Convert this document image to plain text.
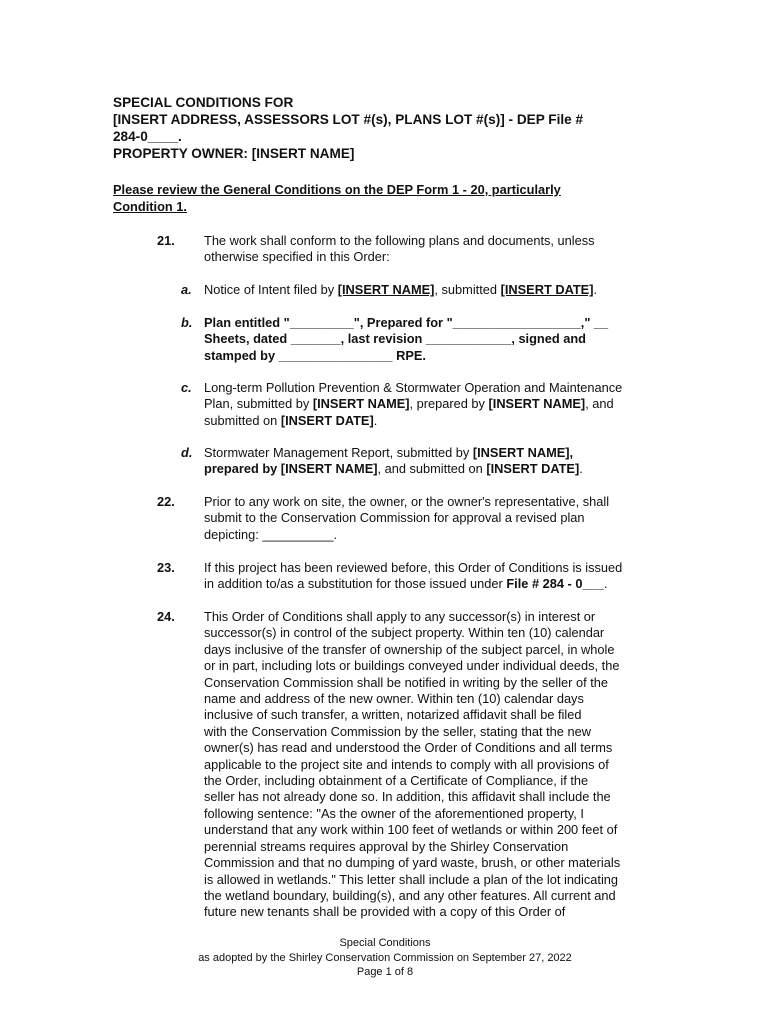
SPECIAL CONDITIONS FOR
[INSERT ADDRESS, ASSESSORS LOT #(s), PLANS LOT #(s)] - DEP File #
284-0____.
PROPERTY OWNER: [INSERT NAME]
Please review the General Conditions on the DEP Form 1 - 20, particularly
Condition 1.
21. The work shall conform to the following plans and documents, unless
otherwise specified in this Order:
a. Notice of Intent filed by [INSERT NAME], submitted [INSERT DATE].
b. Plan entitled "_________", Prepared for "__________________," __
Sheets, dated _______, last revision ____________, signed and
stamped by ________________ RPE.
c. Long-term Pollution Prevention & Stormwater Operation and Maintenance
Plan, submitted by [INSERT NAME], prepared by [INSERT NAME], and
submitted on [INSERT DATE].
d. Stormwater Management Report, submitted by [INSERT NAME],
prepared by [INSERT NAME], and submitted on [INSERT DATE].
22. Prior to any work on site, the owner, or the owner's representative, shall
submit to the Conservation Commission for approval a revised plan
depicting: __________.
23. If this project has been reviewed before, this Order of Conditions is issued
in addition to/as a substitution for those issued under File # 284 - 0___.
24. This Order of Conditions shall apply to any successor(s) in interest or
successor(s) in control of the subject property. Within ten (10) calendar
days inclusive of the transfer of ownership of the subject parcel, in whole
or in part, including lots or buildings conveyed under individual deeds, the
Conservation Commission shall be notified in writing by the seller of the
name and address of the new owner. Within ten (10) calendar days
inclusive of such transfer, a written, notarized affidavit shall be filed
with the Conservation Commission by the seller, stating that the new
owner(s) has read and understood the Order of Conditions and all terms
applicable to the project site and intends to comply with all provisions of
the Order, including obtainment of a Certificate of Compliance, if the
seller has not already done so. In addition, this affidavit shall include the
following sentence: "As the owner of the aforementioned property, I
understand that any work within 100 feet of wetlands or within 200 feet of
perennial streams requires approval by the Shirley Conservation
Commission and that no dumping of yard waste, brush, or other materials
is allowed in wetlands." This letter shall include a plan of the lot indicating
the wetland boundary, building(s), and any other features. All current and
future new tenants shall be provided with a copy of this Order of
Special Conditions
as adopted by the Shirley Conservation Commission on September 27, 2022
Page 1 of 8
